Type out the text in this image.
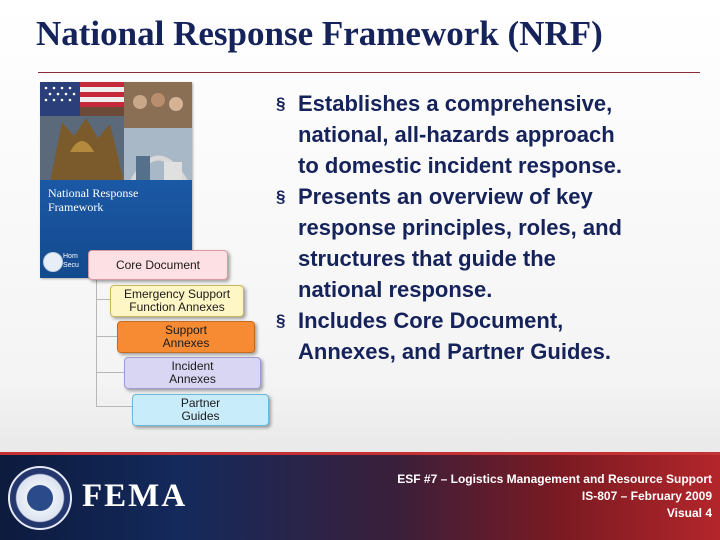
National Response Framework (NRF)

National Response
Framework

Hom
Secu	Core Document
Emergency Support
Function Annexes
Support
Annexes
Incident
Annexes
Partner
Guides
§ Establishes a comprehensive,
national, all-hazards approach
to domestic incident response.
§ Presents an overview of key
response principles, roles, and
structures that guide the
national response.
§ Includes Core Document,
Annexes, and Partner Guides.
FEMA	ESF #7 – Logistics Management and Resource Support
IS-807 – February 2009
Visual 4
